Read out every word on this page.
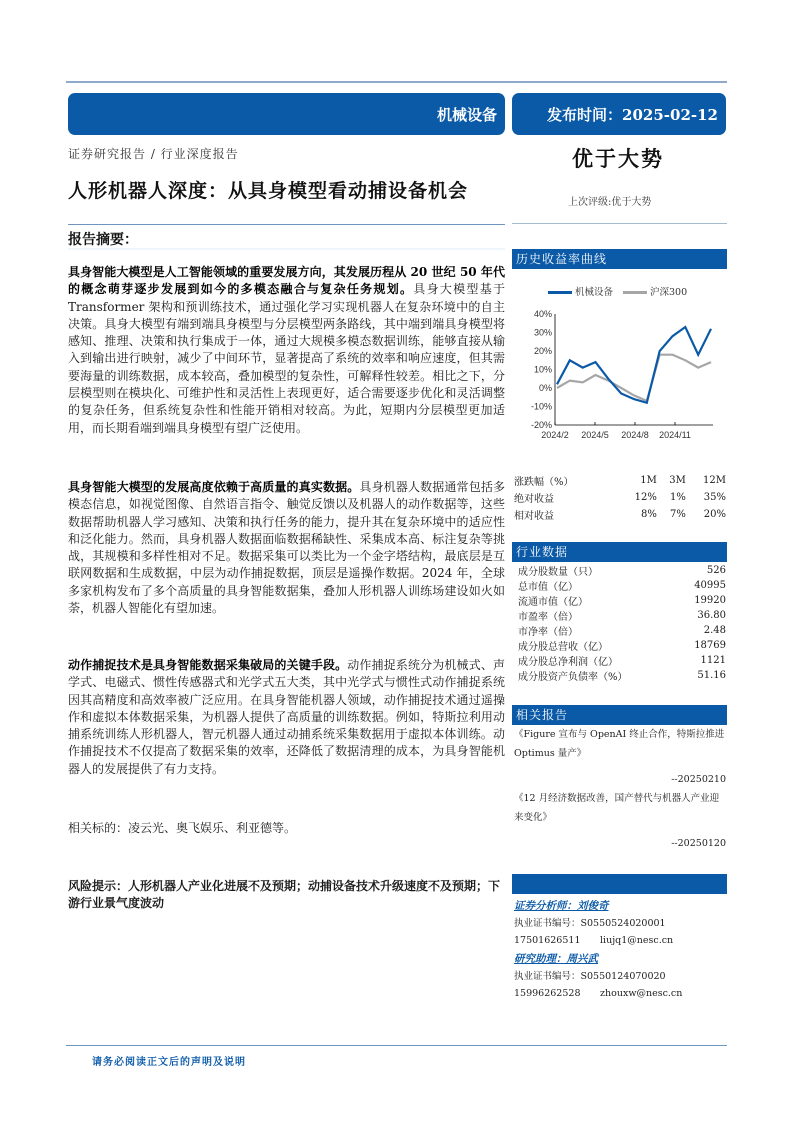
机械设备	发布时间：2025-02-12
证券研究报告 / 行业深度报告	优于大势
人形机器人深度：从具身模型看动捕设备机会
上次评级:优于大势
报告摘要：
具身智能大模型是人工智能领域的重要发展方向，其发展历程从 20 世纪 50 年代的概念萌芽逐步发展到如今的多模态融合与复杂任务规划。具身大模型基于 Transformer 架构和预训练技术，通过强化学习实现机器人在复杂环境中的自主决策。具身大模型有端到端具身模型与分层模型两条路线，其中端到端具身模型将感知、推理、决策和执行集成于一体，通过大规模多模态数据训练，能够直接从输入到输出进行映射，减少了中间环节，显著提高了系统的效率和响应速度，但其需要海量的训练数据，成本较高，叠加模型的复杂性，可解释性较差。相比之下，分层模型则在模块化、可维护性和灵活性上表现更好，适合需要逐步优化和灵活调整的复杂任务，但系统复杂性和性能开销相对较高。为此，短期内分层模型更加适用，而长期看端到端具身模型有望广泛使用。
具身智能大模型的发展高度依赖于高质量的真实数据。具身机器人数据通常包括多模态信息，如视觉图像、自然语言指令、触觉反馈以及机器人的动作数据等，这些数据帮助机器人学习感知、决策和执行任务的能力，提升其在复杂环境中的适应性和泛化能力。然而，具身机器人数据面临数据稀缺性、采集成本高、标注复杂等挑战，其规模和多样性相对不足。数据采集可以类比为一个金字塔结构，最底层是互联网数据和生成数据，中层为动作捕捉数据，顶层是遥操作数据。2024 年，全球多家机构发布了多个高质量的具身智能数据集，叠加人形机器人训练场建设如火如荼，机器人智能化有望加速。
动作捕捉技术是具身智能数据采集破局的关键手段。动作捕捉系统分为机械式、声学式、电磁式、惯性传感器式和光学式五大类，其中光学式与惯性式动作捕捉系统因其高精度和高效率被广泛应用。在具身智能机器人领域，动作捕捉技术通过遥操作和虚拟本体数据采集，为机器人提供了高质量的训练数据。例如，特斯拉利用动捕系统训练人形机器人，智元机器人通过动捕系统采集数据用于虚拟本体训练。动作捕捉技术不仅提高了数据采集的效率，还降低了数据清理的成本，为具身智能机器人的发展提供了有力支持。
相关标的：凌云光、奥飞娱乐、利亚德等。
风险提示：人形机器人产业化进展不及预期；动捕设备技术升级速度不及预期；下游行业景气度波动
历史收益率曲线
机械设备	沪深300
40%
30%
20%
10%
0%
-10%
-20%
2024/2 2024/5 2024/8 2024/11
涨跌幅（%）	1M	3M	12M
绝对收益	12%	1%	35%
相对收益	8%	7%	20%
行业数据
成分股数量（只）	526
总市值（亿）	40995
流通市值（亿）	19920
市盈率（倍）	36.80
市净率（倍）	2.48
成分股总营收（亿）	18769
成分股总净利润（亿）	1121
成分股资产负债率（%）	51.16
相关报告
《Figure 宣布与 OpenAI 终止合作，特斯拉推进 Optimus 量产》
--20250210
《12 月经济数据改善，国产替代与机器人产业迎来变化》
--20250120
证券分析师：刘俊奇
执业证书编号：S0550524020001
17501626511 liujq1@nesc.cn
研究助理：周兴武
执业证书编号：S0550124070020
15996262528 zhouxw@nesc.cn
请务必阅读正文后的声明及说明
